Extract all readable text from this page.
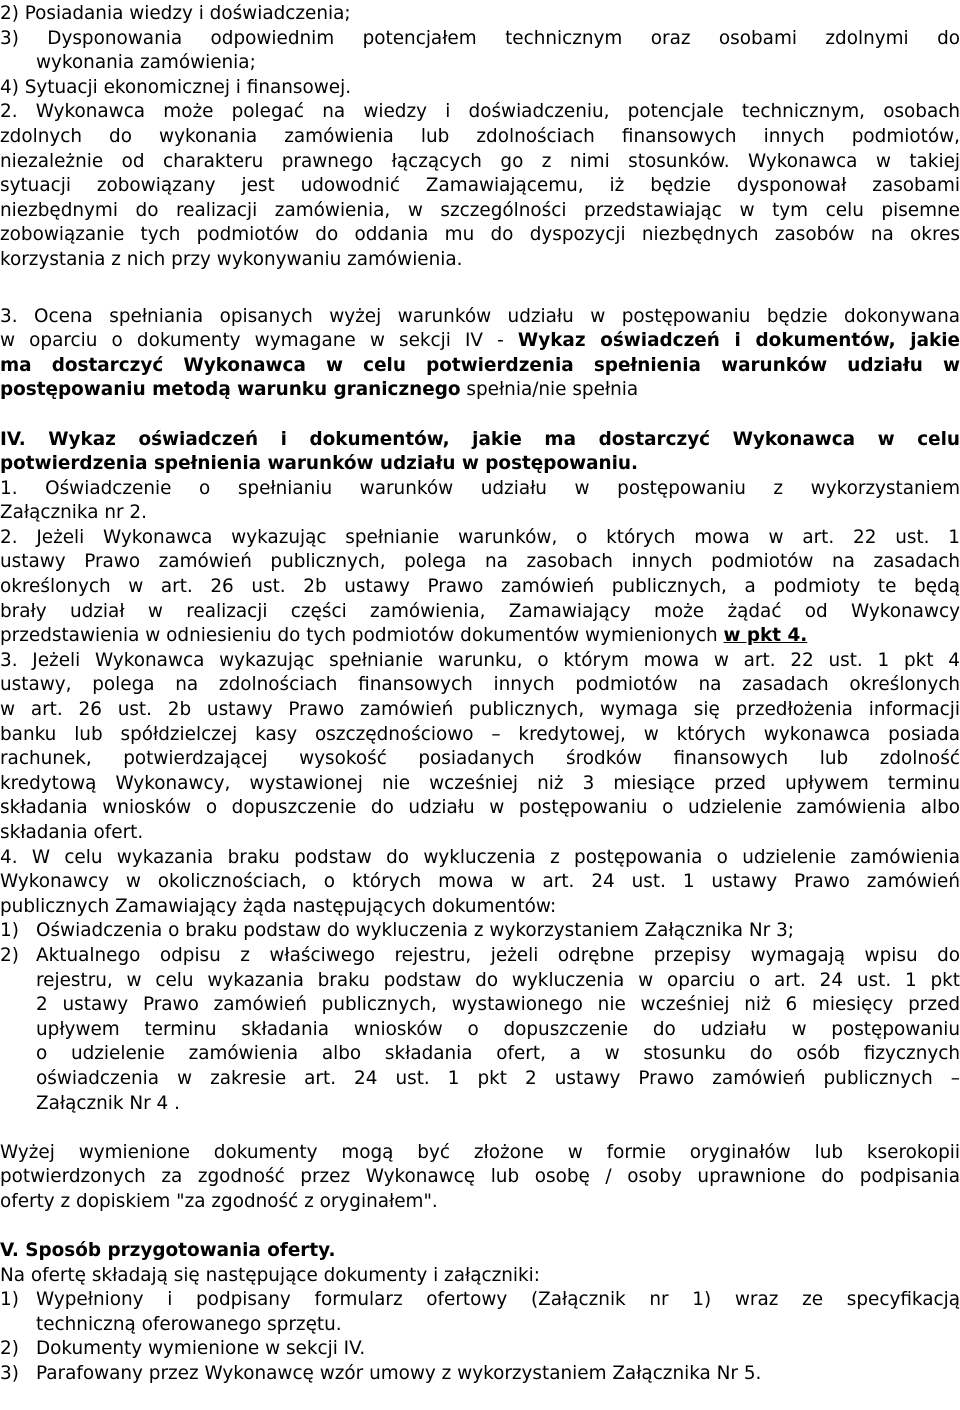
2) Posiadania wiedzy i doświadczenia;
3) Dysponowania odpowiednim potencjałem technicznym oraz osobami zdolnymi do
wykonania zamówienia;
4) Sytuacji ekonomicznej i finansowej.
2. Wykonawca może polegać na wiedzy i doświadczeniu, potencjale technicznym, osobach
zdolnych do wykonania zamówienia lub zdolnościach finansowych innych podmiotów,
niezależnie od charakteru prawnego łączących go z nimi stosunków. Wykonawca w takiej
sytuacji zobowiązany jest udowodnić Zamawiającemu, iż będzie dysponował zasobami
niezbędnymi do realizacji zamówienia, w szczególności przedstawiając w tym celu pisemne
zobowiązanie tych podmiotów do oddania mu do dyspozycji niezbędnych zasobów na okres
korzystania z nich przy wykonywaniu zamówienia.
3. Ocena spełniania opisanych wyżej warunków udziału w postępowaniu będzie dokonywana
w oparciu o dokumenty wymagane w sekcji IV - Wykaz oświadczeń i dokumentów, jakie
ma dostarczyć Wykonawca w celu potwierdzenia spełnienia warunków udziału w
postępowaniu metodą warunku granicznego spełnia/nie spełnia
IV. Wykaz oświadczeń i dokumentów, jakie ma dostarczyć Wykonawca w celu
potwierdzenia spełnienia warunków udziału w postępowaniu.
1. Oświadczenie o spełnianiu warunków udziału w postępowaniu z wykorzystaniem
Załącznika nr 2.
2. Jeżeli Wykonawca wykazując spełnianie warunków, o których mowa w art. 22 ust. 1
ustawy Prawo zamówień publicznych, polega na zasobach innych podmiotów na zasadach
określonych w art. 26 ust. 2b ustawy Prawo zamówień publicznych, a podmioty te będą
brały udział w realizacji części zamówienia, Zamawiający może żądać od Wykonawcy
przedstawienia w odniesieniu do tych podmiotów dokumentów wymienionych w pkt 4.
3. Jeżeli Wykonawca wykazując spełnianie warunku, o którym mowa w art. 22 ust. 1 pkt 4
ustawy, polega na zdolnościach finansowych innych podmiotów na zasadach określonych
w art. 26 ust. 2b ustawy Prawo zamówień publicznych, wymaga się przedłożenia informacji
banku lub spółdzielczej kasy oszczędnościowo – kredytowej, w których wykonawca posiada
rachunek, potwierdzającej wysokość posiadanych środków finansowych lub zdolność
kredytową Wykonawcy, wystawionej nie wcześniej niż 3 miesiące przed upływem terminu
składania wniosków o dopuszczenie do udziału w postępowaniu o udzielenie zamówienia albo
składania ofert.
4. W celu wykazania braku podstaw do wykluczenia z postępowania o udzielenie zamówienia
Wykonawcy w okolicznościach, o których mowa w art. 24 ust. 1 ustawy Prawo zamówień
publicznych Zamawiający żąda następujących dokumentów:
1) Oświadczenia o braku podstaw do wykluczenia z wykorzystaniem Załącznika Nr 3;
2) Aktualnego odpisu z właściwego rejestru, jeżeli odrębne przepisy wymagają wpisu do
rejestru, w celu wykazania braku podstaw do wykluczenia w oparciu o art. 24 ust. 1 pkt
2 ustawy Prawo zamówień publicznych, wystawionego nie wcześniej niż 6 miesięcy przed
upływem terminu składania wniosków o dopuszczenie do udziału w postępowaniu
o udzielenie zamówienia albo składania ofert, a w stosunku do osób fizycznych
oświadczenia w zakresie art. 24 ust. 1 pkt 2 ustawy Prawo zamówień publicznych –
Załącznik Nr 4 .
Wyżej wymienione dokumenty mogą być złożone w formie oryginałów lub kserokopii
potwierdzonych za zgodność przez Wykonawcę lub osobę / osoby uprawnione do podpisania
oferty z dopiskiem "za zgodność z oryginałem".
V. Sposób przygotowania oferty.
Na ofertę składają się następujące dokumenty i załączniki:
1) Wypełniony i podpisany formularz ofertowy (Załącznik nr 1) wraz ze specyfikacją
techniczną oferowanego sprzętu.
2) Dokumenty wymienione w sekcji IV.
3) Parafowany przez Wykonawcę wzór umowy z wykorzystaniem Załącznika Nr 5.
